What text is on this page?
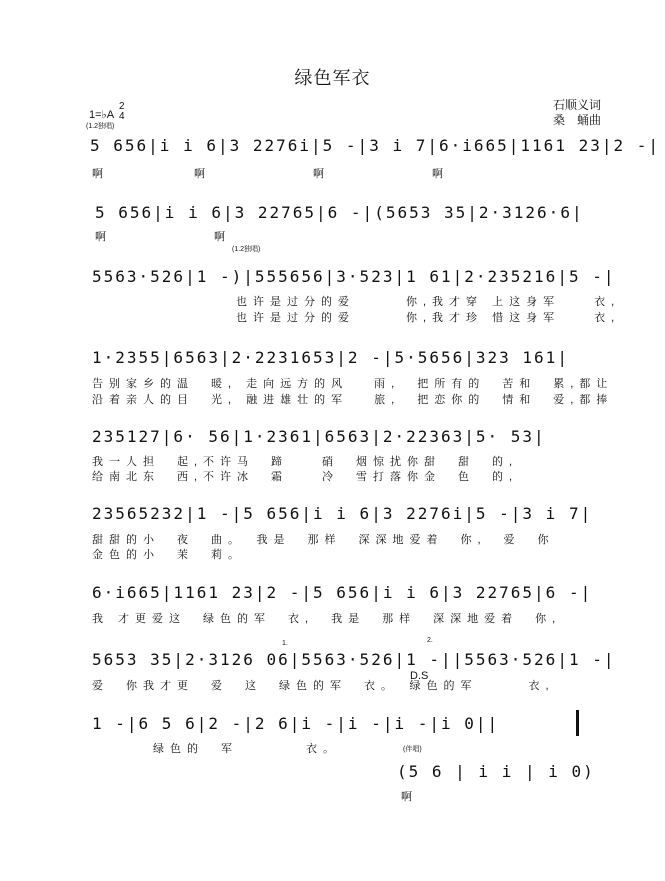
绿色军衣
石顺义词
桑　蛹曲
1=♭A
2
4
(1.2独唱)
5 656|i i 6|3 2276i|5 -|3 i 7|6·i665|1161 23|2 -|
啊　　　　　啊　　　　　　啊　　　　　　啊
5 656|i i 6|3 22765|6 -|(5653 35|2·3126·6|
啊　　　　　　啊
(1.2独唱)
5563·526|1 -)|555656|3·523|1 61|2·235216|5 -|
也许是过分的爱　　　你,我才穿 上这身军　　衣,
也许是过分的爱　　　你,我才珍 惜这身军　　衣,
1·2355|6563|2·2231653|2 -|5·5656|323 161|
告别家乡的温　暖, 走向远方的风　 雨,　把所有的　苦和　累,都让
沿着亲人的目　光, 融进雄壮的军　 旅,　把恋你的　情和　爱,都捧
235127|6· 56|1·2361|6563|2·22363|5· 53|
我一人担　起,不许马　蹄　　硝　烟惊扰你甜　甜　的,
给南北东　西,不许冰　霜　　冷　雪打落你金　色　的,
23565232|1 -|5 656|i i 6|3 2276i|5 -|3 i 7|
甜甜的小　夜　曲。　我是　那样　深深地爱着　你,　爱　你
金色的小　茉　莉。
6·i665|1161 23|2 -|5 656|i i 6|3 22765|6 -|
我 才更爱这　绿色的军　衣,　我是　那样　深深地爱着　你,
5653 35|2·3126 06|5563·526|1 -||5563·526|1 -|
爱　你我才更　爱　这　绿色的军　衣。　绿色的军　　　衣,
1.	2.
D.S
1 -|6 5 6|2 -|2 6|i -|i -|i -|i 0||
绿色的　军　　　　衣。	(伴唱)
(5 6 | i i | i 0)
啊
